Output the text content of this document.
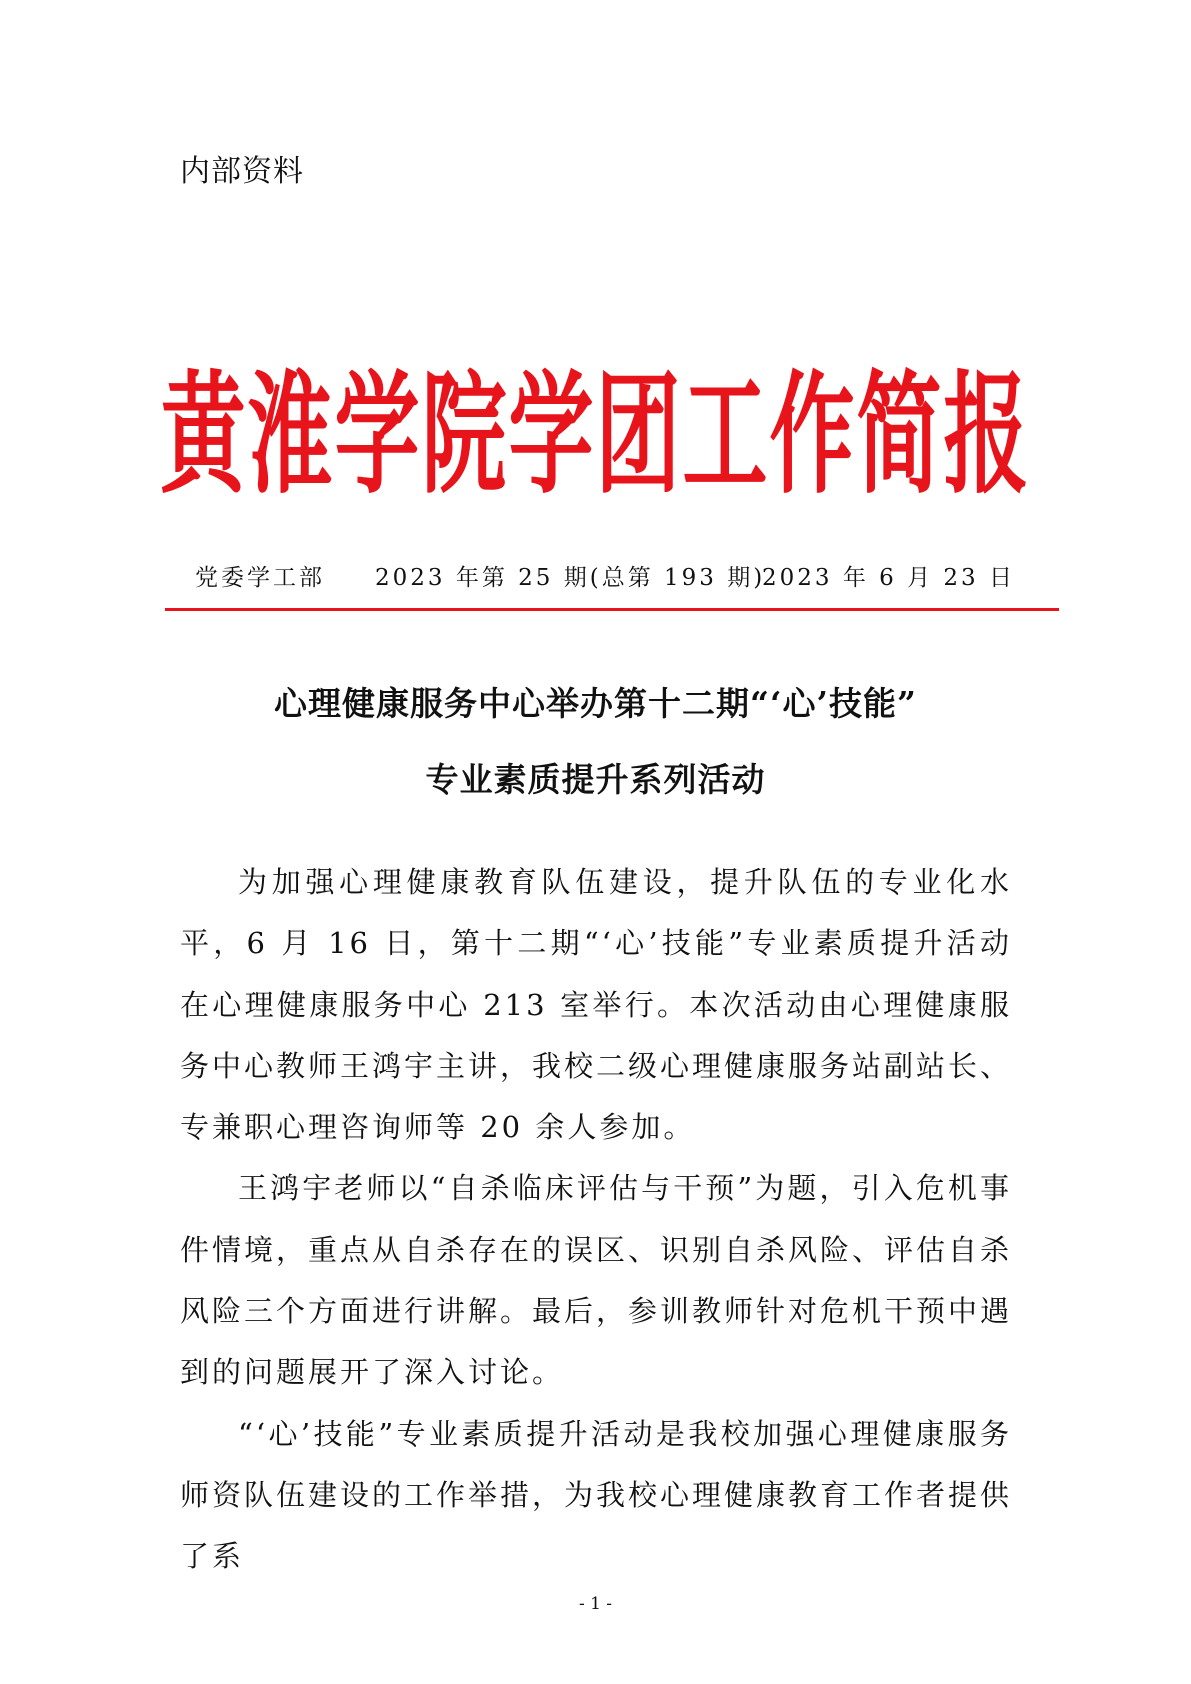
内部资料
黄淮学院学团工作简报
党委学工部 2023 年第 25 期(总第 193 期)
2023 年 6 月 23 日
心理健康服务中心举办第十二期“‘心’技能”
专业素质提升系列活动

为加强心理健康教育队伍建设，提升队伍的专业化水平，6 月 16 日，第十二期“‘心’技能”专业素质提升活动在心理健康服务中心 213 室举行。本次活动由心理健康服务中心教师王鸿宇主讲，我校二级心理健康服务站副站长、专兼职心理咨询师等 20 余人参加。

王鸿宇老师以“自杀临床评估与干预”为题，引入危机事件情境，重点从自杀存在的误区、识别自杀风险、评估自杀风险三个方面进行讲解。最后，参训教师针对危机干预中遇到的问题展开了深入讨论。

“‘心’技能”专业素质提升活动是我校加强心理健康服务师资队伍建设的工作举措，为我校心理健康教育工作者提供了系

- 1 -
